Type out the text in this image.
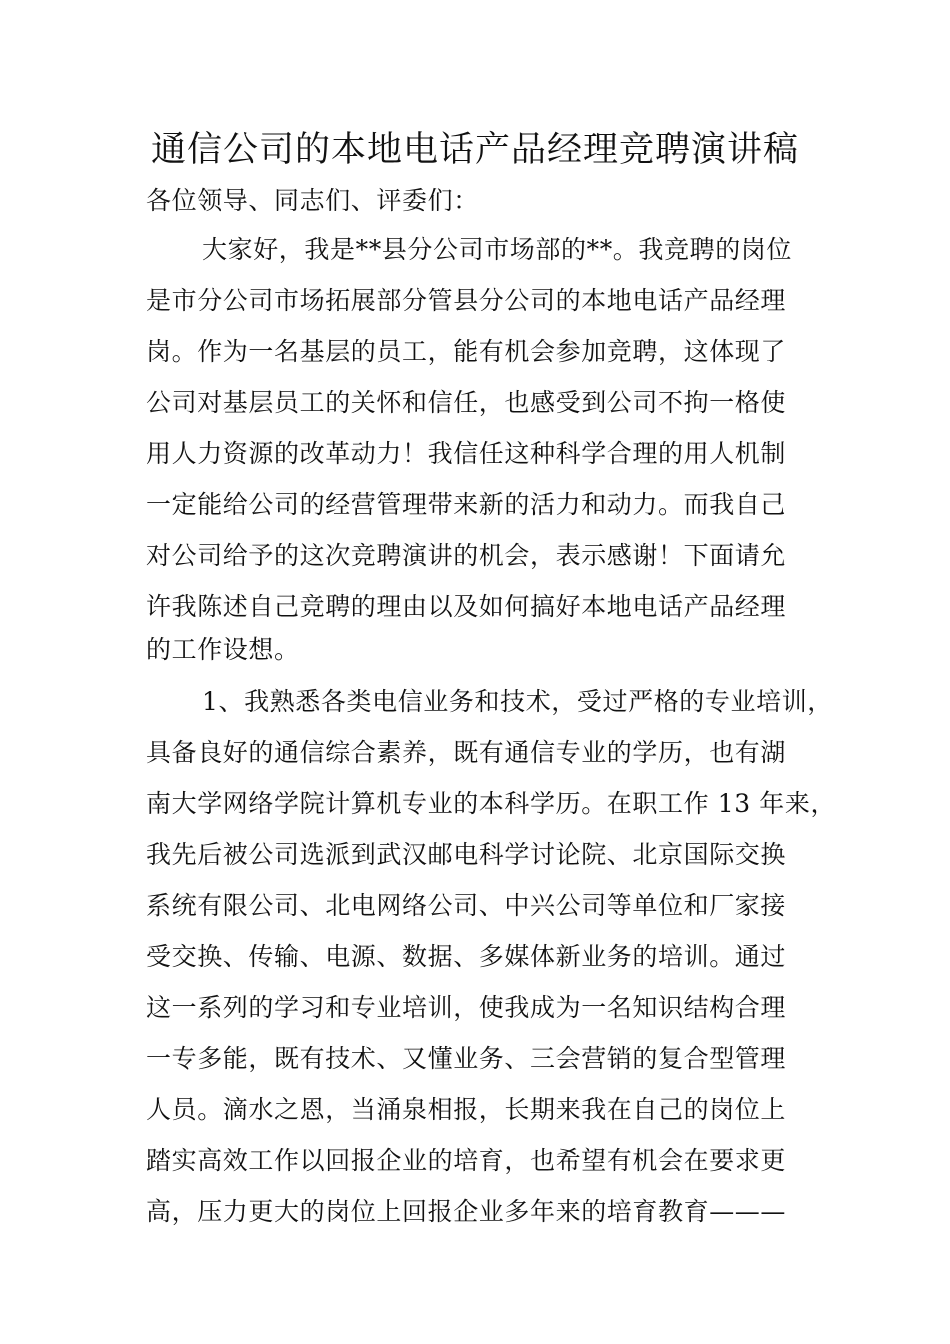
通信公司的本地电话产品经理竞聘演讲稿
各位领导、同志们、评委们：
大家好，我是**县分公司市场部的**。我竞聘的岗位
是市分公司市场拓展部分管县分公司的本地电话产品经理
岗。作为一名基层的员工，能有机会参加竞聘，这体现了
公司对基层员工的关怀和信任，也感受到公司不拘一格使
用人力资源的改革动力！我信任这种科学合理的用人机制
一定能给公司的经营管理带来新的活力和动力。而我自己
对公司给予的这次竞聘演讲的机会，表示感谢！下面请允
许我陈述自己竞聘的理由以及如何搞好本地电话产品经理
的工作设想。
1、我熟悉各类电信业务和技术，受过严格的专业培训，
具备良好的通信综合素养，既有通信专业的学历，也有湖
南大学网络学院计算机专业的本科学历。在职工作 13 年来，
我先后被公司选派到武汉邮电科学讨论院、北京国际交换
系统有限公司、北电网络公司、中兴公司等单位和厂家接
受交换、传输、电源、数据、多媒体新业务的培训。通过
这一系列的学习和专业培训，使我成为一名知识结构合理
一专多能，既有技术、又懂业务、三会营销的复合型管理
人员。滴水之恩，当涌泉相报，长期来我在自己的岗位上
踏实高效工作以回报企业的培育，也希望有机会在要求更
高，压力更大的岗位上回报企业多年来的培育教育———
